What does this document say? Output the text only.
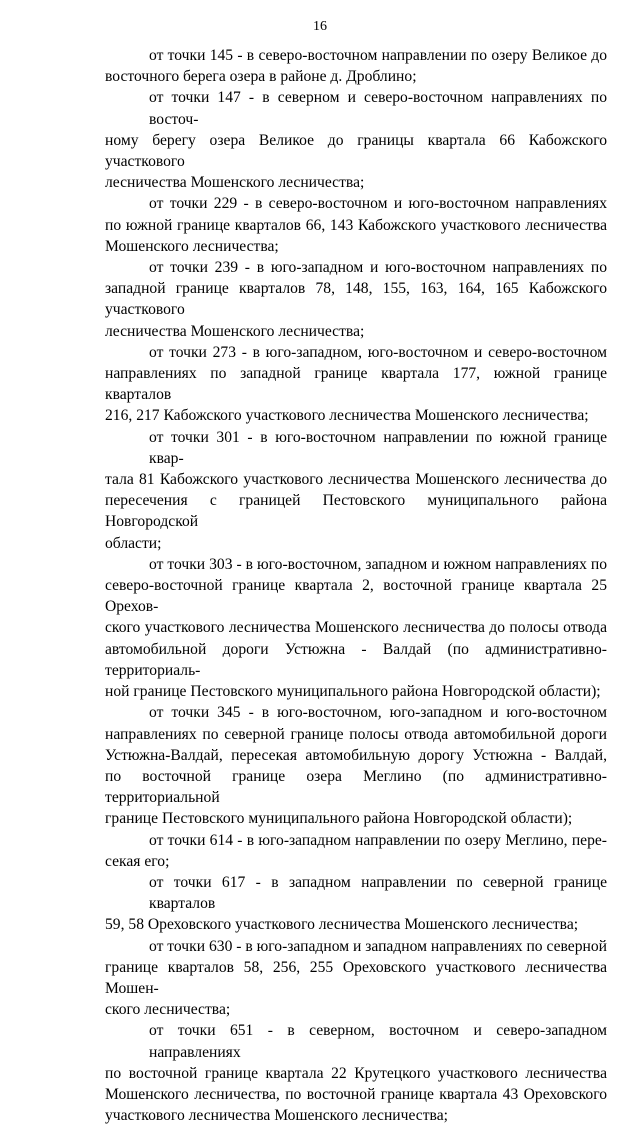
16
от точки 145 - в северо-восточном направлении по озеру Великое до
восточного берега озера в районе д. Дроблино;
от точки 147 - в северном и северо-восточном направлениях по восточ-
ному берегу озера Великое до границы квартала 66 Кабожского участкового
лесничества Мошенского лесничества;
от точки 229 - в северо-восточном и юго-восточном направлениях
по южной границе кварталов 66, 143 Кабожского участкового лесничества
Мошенского лесничества;
от точки 239 - в юго-западном и юго-восточном направлениях по
западной границе кварталов 78, 148, 155, 163, 164, 165 Кабожского участкового
лесничества Мошенского лесничества;
от точки 273 - в юго-западном, юго-восточном и северо-восточном
направлениях по западной границе квартала 177, южной границе кварталов
216, 217 Кабожского участкового лесничества Мошенского лесничества;
от точки 301 - в юго-восточном направлении по южной границе квар-
тала 81 Кабожского участкового лесничества Мошенского лесничества до
пересечения с границей Пестовского муниципального района Новгородской
области;
от точки 303 - в юго-восточном, западном и южном направлениях по
северо-восточной границе квартала 2, восточной границе квартала 25 Орехов-
ского участкового лесничества Мошенского лесничества до полосы отвода
автомобильной дороги Устюжна - Валдай (по административно-территориаль-
ной границе Пестовского муниципального района Новгородской области);
от точки 345 - в юго-восточном, юго-западном и юго-восточном
направлениях по северной границе полосы отвода автомобильной дороги
Устюжна-Валдай, пересекая автомобильную дорогу Устюжна - Валдай,
по восточной границе озера Меглино (по административно-территориальной
границе Пестовского муниципального района Новгородской области);
от точки 614 - в юго-западном направлении по озеру Меглино, пере-
секая его;
от точки 617 - в западном направлении по северной границе кварталов
59, 58 Ореховского участкового лесничества Мошенского лесничества;
от точки 630 - в юго-западном и западном направлениях по северной
границе кварталов 58, 256, 255 Ореховского участкового лесничества Мошен-
ского лесничества;
от точки 651 - в северном, восточном и северо-западном направлениях
по восточной границе квартала 22 Крутецкого участкового лесничества
Мошенского лесничества, по восточной границе квартала 43 Ореховского
участкового лесничества Мошенского лесничества;
